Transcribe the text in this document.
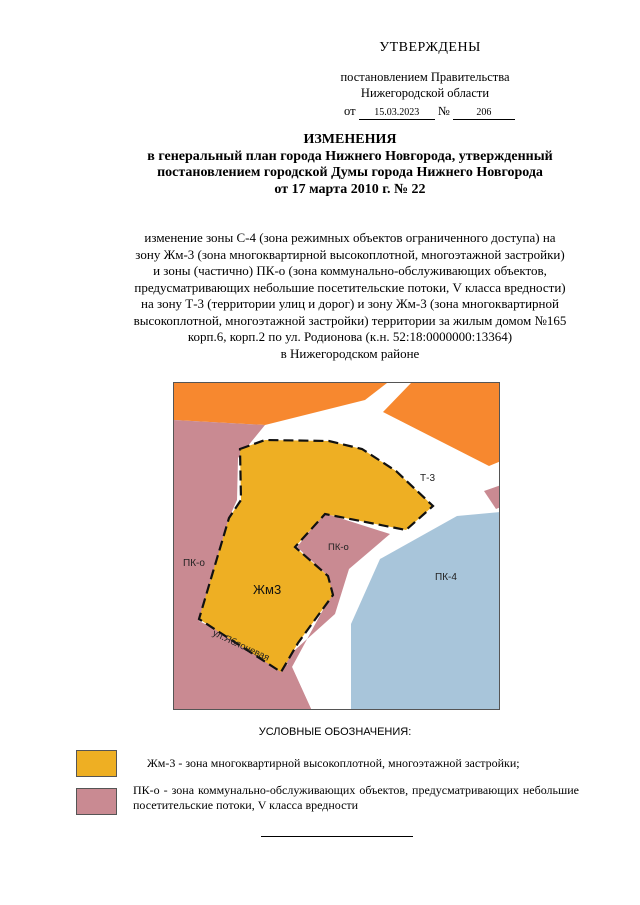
УТВЕРЖДЕНЫ
постановлением Правительства
Нижегородской области
от 15.03.2023 №	206
ИЗМЕНЕНИЯ
в генеральный план города Нижнего Новгорода, утвержденный
постановлением городской Думы города Нижнего Новгорода
от 17 марта 2010 г. № 22
изменение зоны С-4 (зона режимных объектов ограниченного доступа) на
зону Жм-3 (зона многоквартирной высокоплотной, многоэтажной застройки)
и зоны (частично) ПК-о (зона коммунально-обслуживающих объектов,
предусматривающих небольшие посетительские потоки, V класса вредности)
на зону Т-3 (территории улиц и дорог) и зону Жм-3 (зона многоквартирной
высокоплотной, многоэтажной застройки) территории за жилым домом №165
корп.6, корп.2 по ул. Родионова (к.н. 52:18:0000000:13364)
в Нижегородском районе
Т-3
ПК-о
ПК-о
ПК-4
Жм3
ул.Яблоневая
УСЛОВНЫЕ ОБОЗНАЧЕНИЯ:
Жм-3 - зона многоквартирной высокоплотной, многоэтажной застройки;
ПК-о - зона коммунально-обслуживающих объектов, предусматривающих небольшие посетительские потоки, V класса вредности
